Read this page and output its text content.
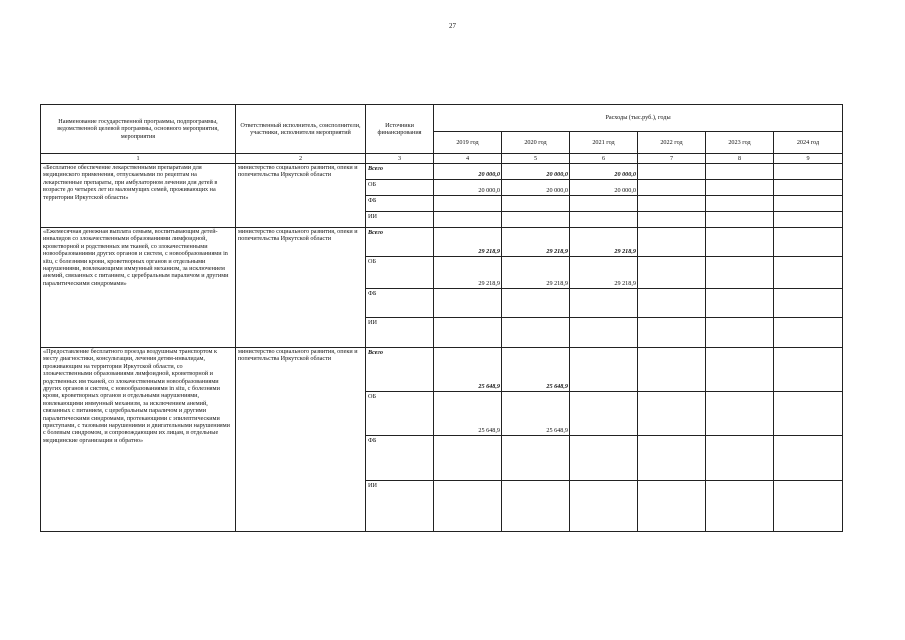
27
Наименование государственной программы, подпрограммы, ведомственной целевой программы, основного мероприятия, мероприятия	Ответственный исполнитель, соисполнители, участники, исполнители мероприятий	Источники финансирования	Расходы (тыс.руб.), годы					
			2019 год	2020 год	2021 год	2022 год	2023 год	2024 год
1	2	3	4	5	6	7	8	9
«Бесплатное обеспечение лекарственными препаратами для медицинского применения, отпускаемыми по рецептам на лекарственные препараты, при амбулаторном лечении для детей в возрасте до четырех лет из малоимущих семей, проживающих на территории Иркутской области»	министерство социального развития, опеки и попечительства Иркутской области	Всего	20 000,0	20 000,0	20 000,0			
		ОБ	20 000,0	20 000,0	20 000,0			
		ФБ						
		ИИ						
«Ежемесячная денежная выплата семьям, воспитывающим детей-инвалидов со злокачественными образованиями лимфоидной, кроветворной и родственных им тканей, со злокачественными новообразованиями других органов и систем, с новообразованиями in situ, с болезнями крови, кроветворных органов и отдельными нарушениями, вовлекающими иммунный механизм, за исключением анемий, связанных с питанием, с церебральным параличом и другими паралитическими синдромами»	министерство социального развития, опеки и попечительства Иркутской области	Всего	29 218,9	29 218,9	29 218,9			
		ОБ	29 218,9	29 218,9	29 218,9			
		ФБ						
		ИИ						
«Предоставление бесплатного проезда воздушным транспортом к месту диагностики, консультации, лечения детям-инвалидам, проживающим на территории Иркутской области, со злокачественными образованиями лимфоидной, кроветворной и родственных им тканей, со злокачественными новообразованиями других органов и систем, с новообразованиями in situ, с болезнями крови, кроветворных органов и отдельными нарушениями, вовлекающими иммунный механизм, за исключением анемий, связанных с питанием, с церебральным параличом и другими паралитическими синдромами, протекающими с эпилептическими приступами, с тазовыми нарушениями и двигательными нарушениями с болевым синдромом, и сопровождающим их лицам, в отдельные медицинские организации и обратно»	министерство социального развития, опеки и попечительства Иркутской области	Всего	25 648,9	25 648,9				
		ОБ	25 648,9	25 648,9				
		ФБ						
		ИИ						
